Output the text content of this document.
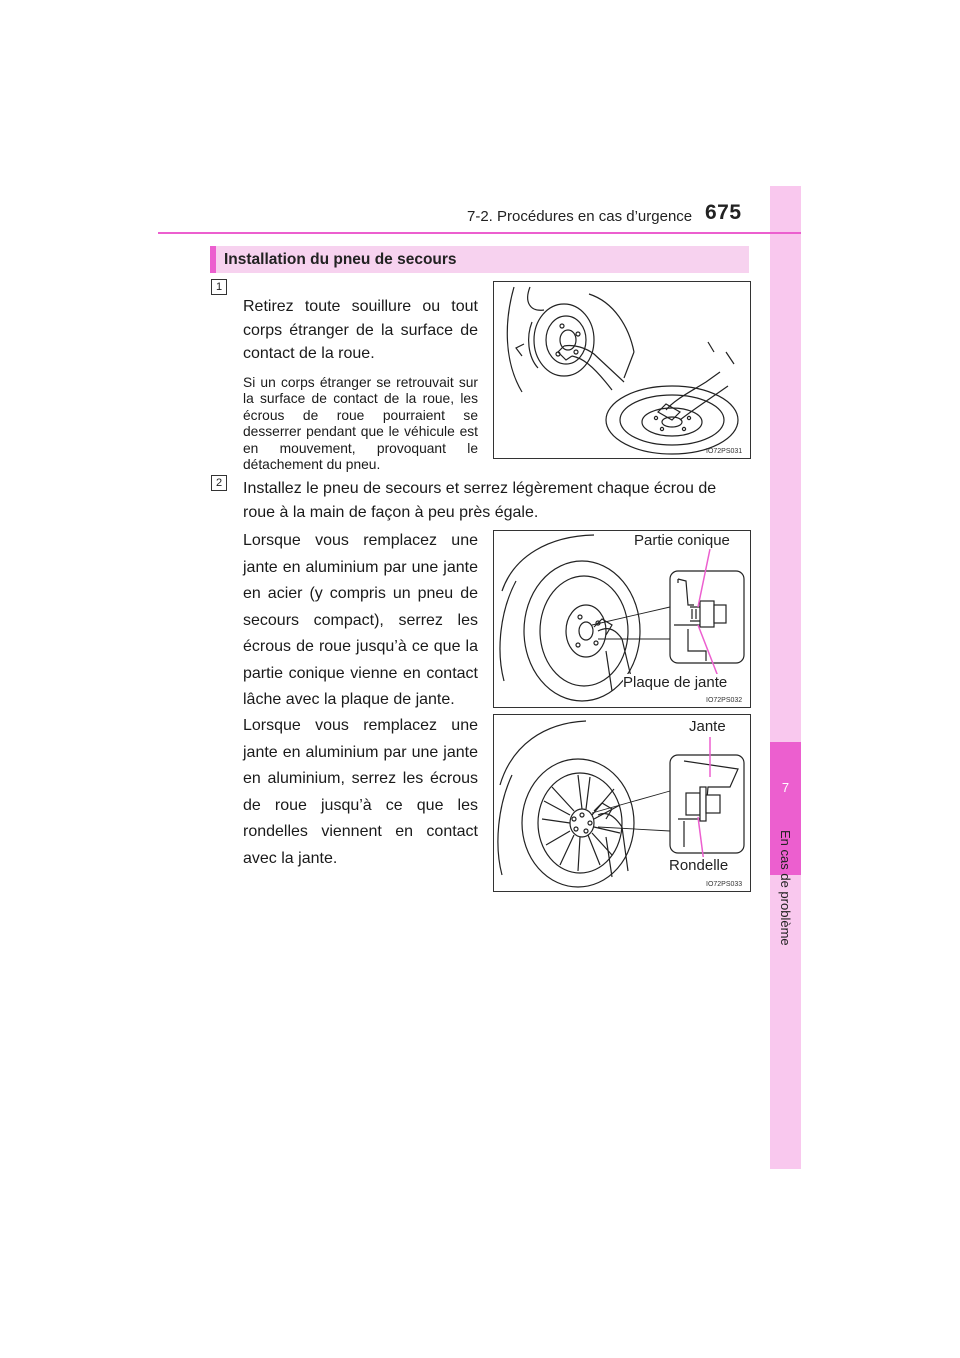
7
En cas de problème
7-2. Procédures en cas d’urgence 675
Installation du pneu de secours
1
Retirez toute souillure ou tout corps étranger de la surface de contact de la roue.
Si un corps étranger se retrouvait sur la surface de contact de la roue, les écrous de roue pourraient se desserrer pendant que le véhicule est en mouvement, provoquant le détachement du pneu.
IO72PS031
2	Installez le pneu de secours et serrez légèrement chaque écrou de roue à la main de façon à peu près égale.
Lorsque vous remplacez une jante en aluminium par une jante en acier (y compris un pneu de secours compact), serrez les écrous de roue jusqu’à ce que la partie conique vienne en contact lâche avec la plaque de jante.
Lorsque vous remplacez une jante en aluminium par une jante en aluminium, serrez les écrous de roue jusqu’à ce que les rondelles viennent en contact avec la jante.
IO72PS032
Partie conique
Plaque de jante
IO72PS033
Jante
Rondelle
